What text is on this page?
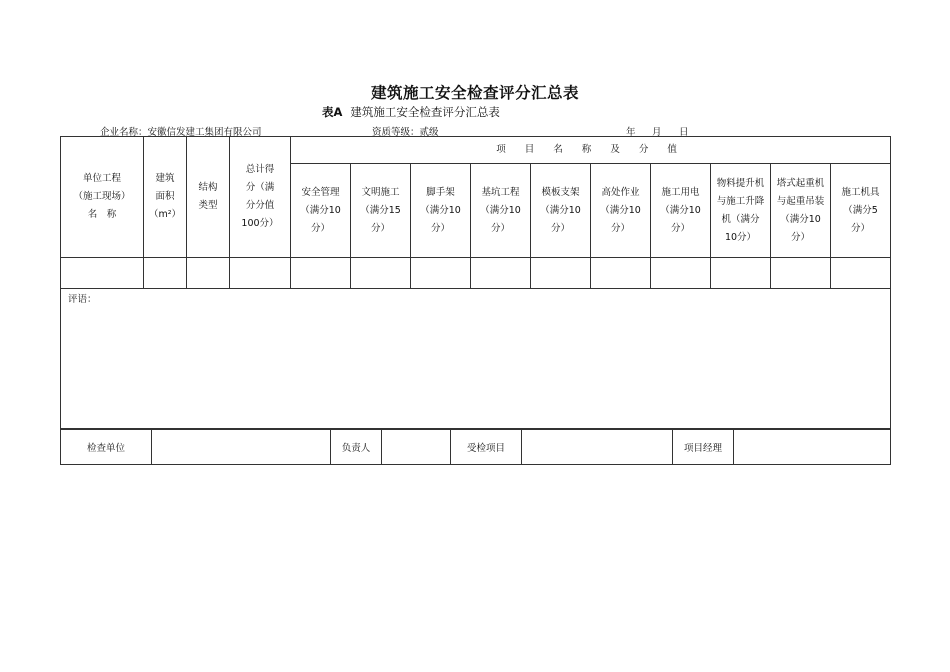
建筑施工安全检查评分汇总表
表A 建筑施工安全检查评分汇总表
企业名称：安徽信发建工集团有限公司	资质等级：贰级	年 月 日
单位工程
（施工现场）
名　称	建筑
面积
（m²）	结构
类型	总计得
分（满
分分值
100分）	项 目 名 称 及 分 值									

				安全管理
（满分10
分）	文明施工
（满分15
分）	脚手架
（满分10
分）	基坑工程
（满分10
分）	模板支架
（满分10
分）	高处作业
（满分10
分）	施工用电
（满分10
分）	物料提升机
与施工升降
机（满分
10分）	塔式起重机
与起重吊装
（满分10
分）	施工机具
（满分5
分）

评语：													
检查单位		负责人		受检项目		项目经理	
